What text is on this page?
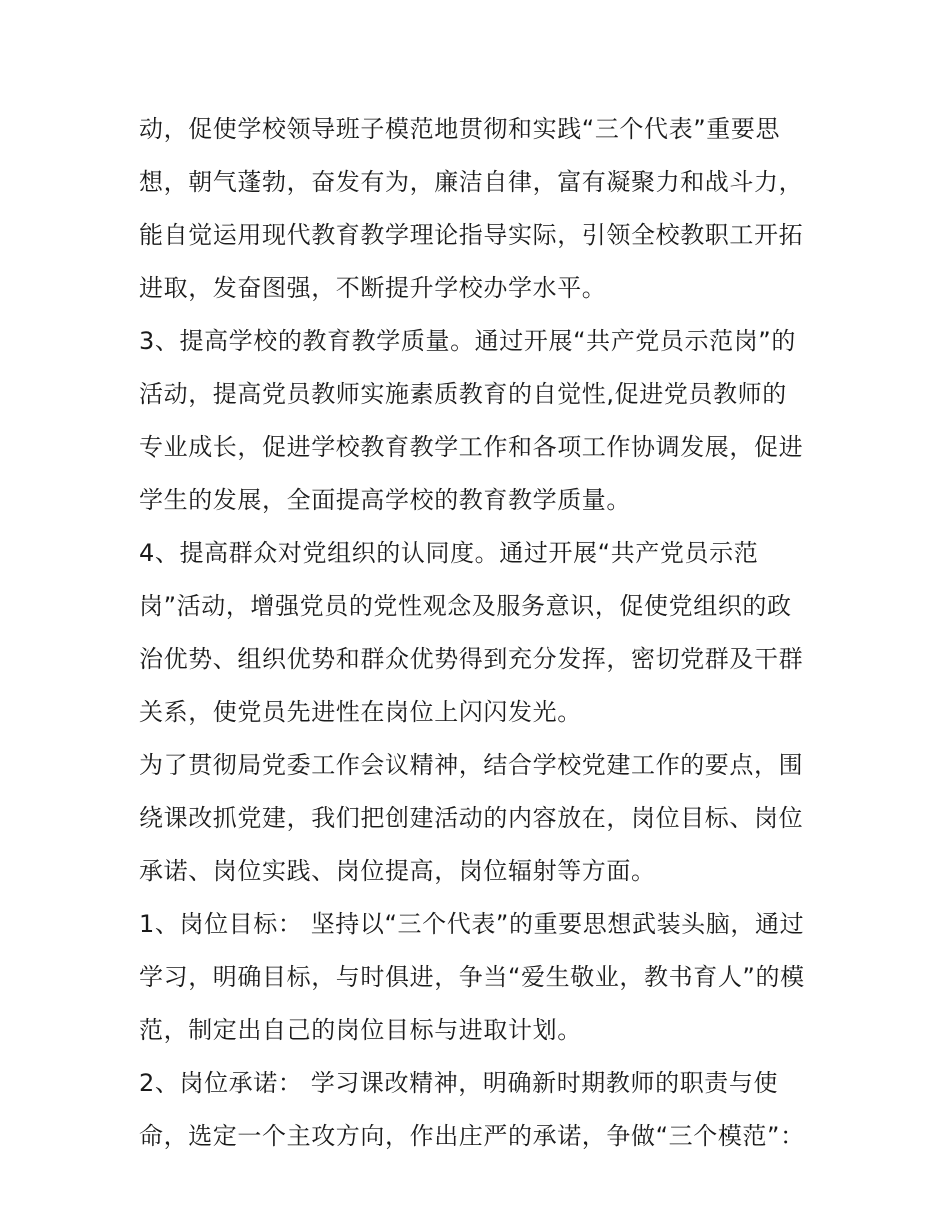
动，促使学校领导班子模范地贯彻和实践“三个代表”重要思
想，朝气蓬勃，奋发有为，廉洁自律，富有凝聚力和战斗力，
能自觉运用现代教育教学理论指导实际，引领全校教职工开拓
进取，发奋图强，不断提升学校办学水平。
3、提高学校的教育教学质量。通过开展“共产党员示范岗”的
活动，提高党员教师实施素质教育的自觉性,促进党员教师的
专业成长，促进学校教育教学工作和各项工作协调发展，促进
学生的发展，全面提高学校的教育教学质量。
4、提高群众对党组织的认同度。通过开展“共产党员示范
岗”活动，增强党员的党性观念及服务意识，促使党组织的政
治优势、组织优势和群众优势得到充分发挥，密切党群及干群
关系，使党员先进性在岗位上闪闪发光。
为了贯彻局党委工作会议精神，结合学校党建工作的要点，围
绕课改抓党建，我们把创建活动的内容放在，岗位目标、岗位
承诺、岗位实践、岗位提高，岗位辐射等方面。
1、岗位目标： 坚持以“三个代表”的重要思想武装头脑，通过
学习，明确目标，与时俱进，争当“爱生敬业，教书育人”的模
范，制定出自己的岗位目标与进取计划。
2、岗位承诺： 学习课改精神，明确新时期教师的职责与使
命，选定一个主攻方向，作出庄严的承诺，争做“三个模范”：
